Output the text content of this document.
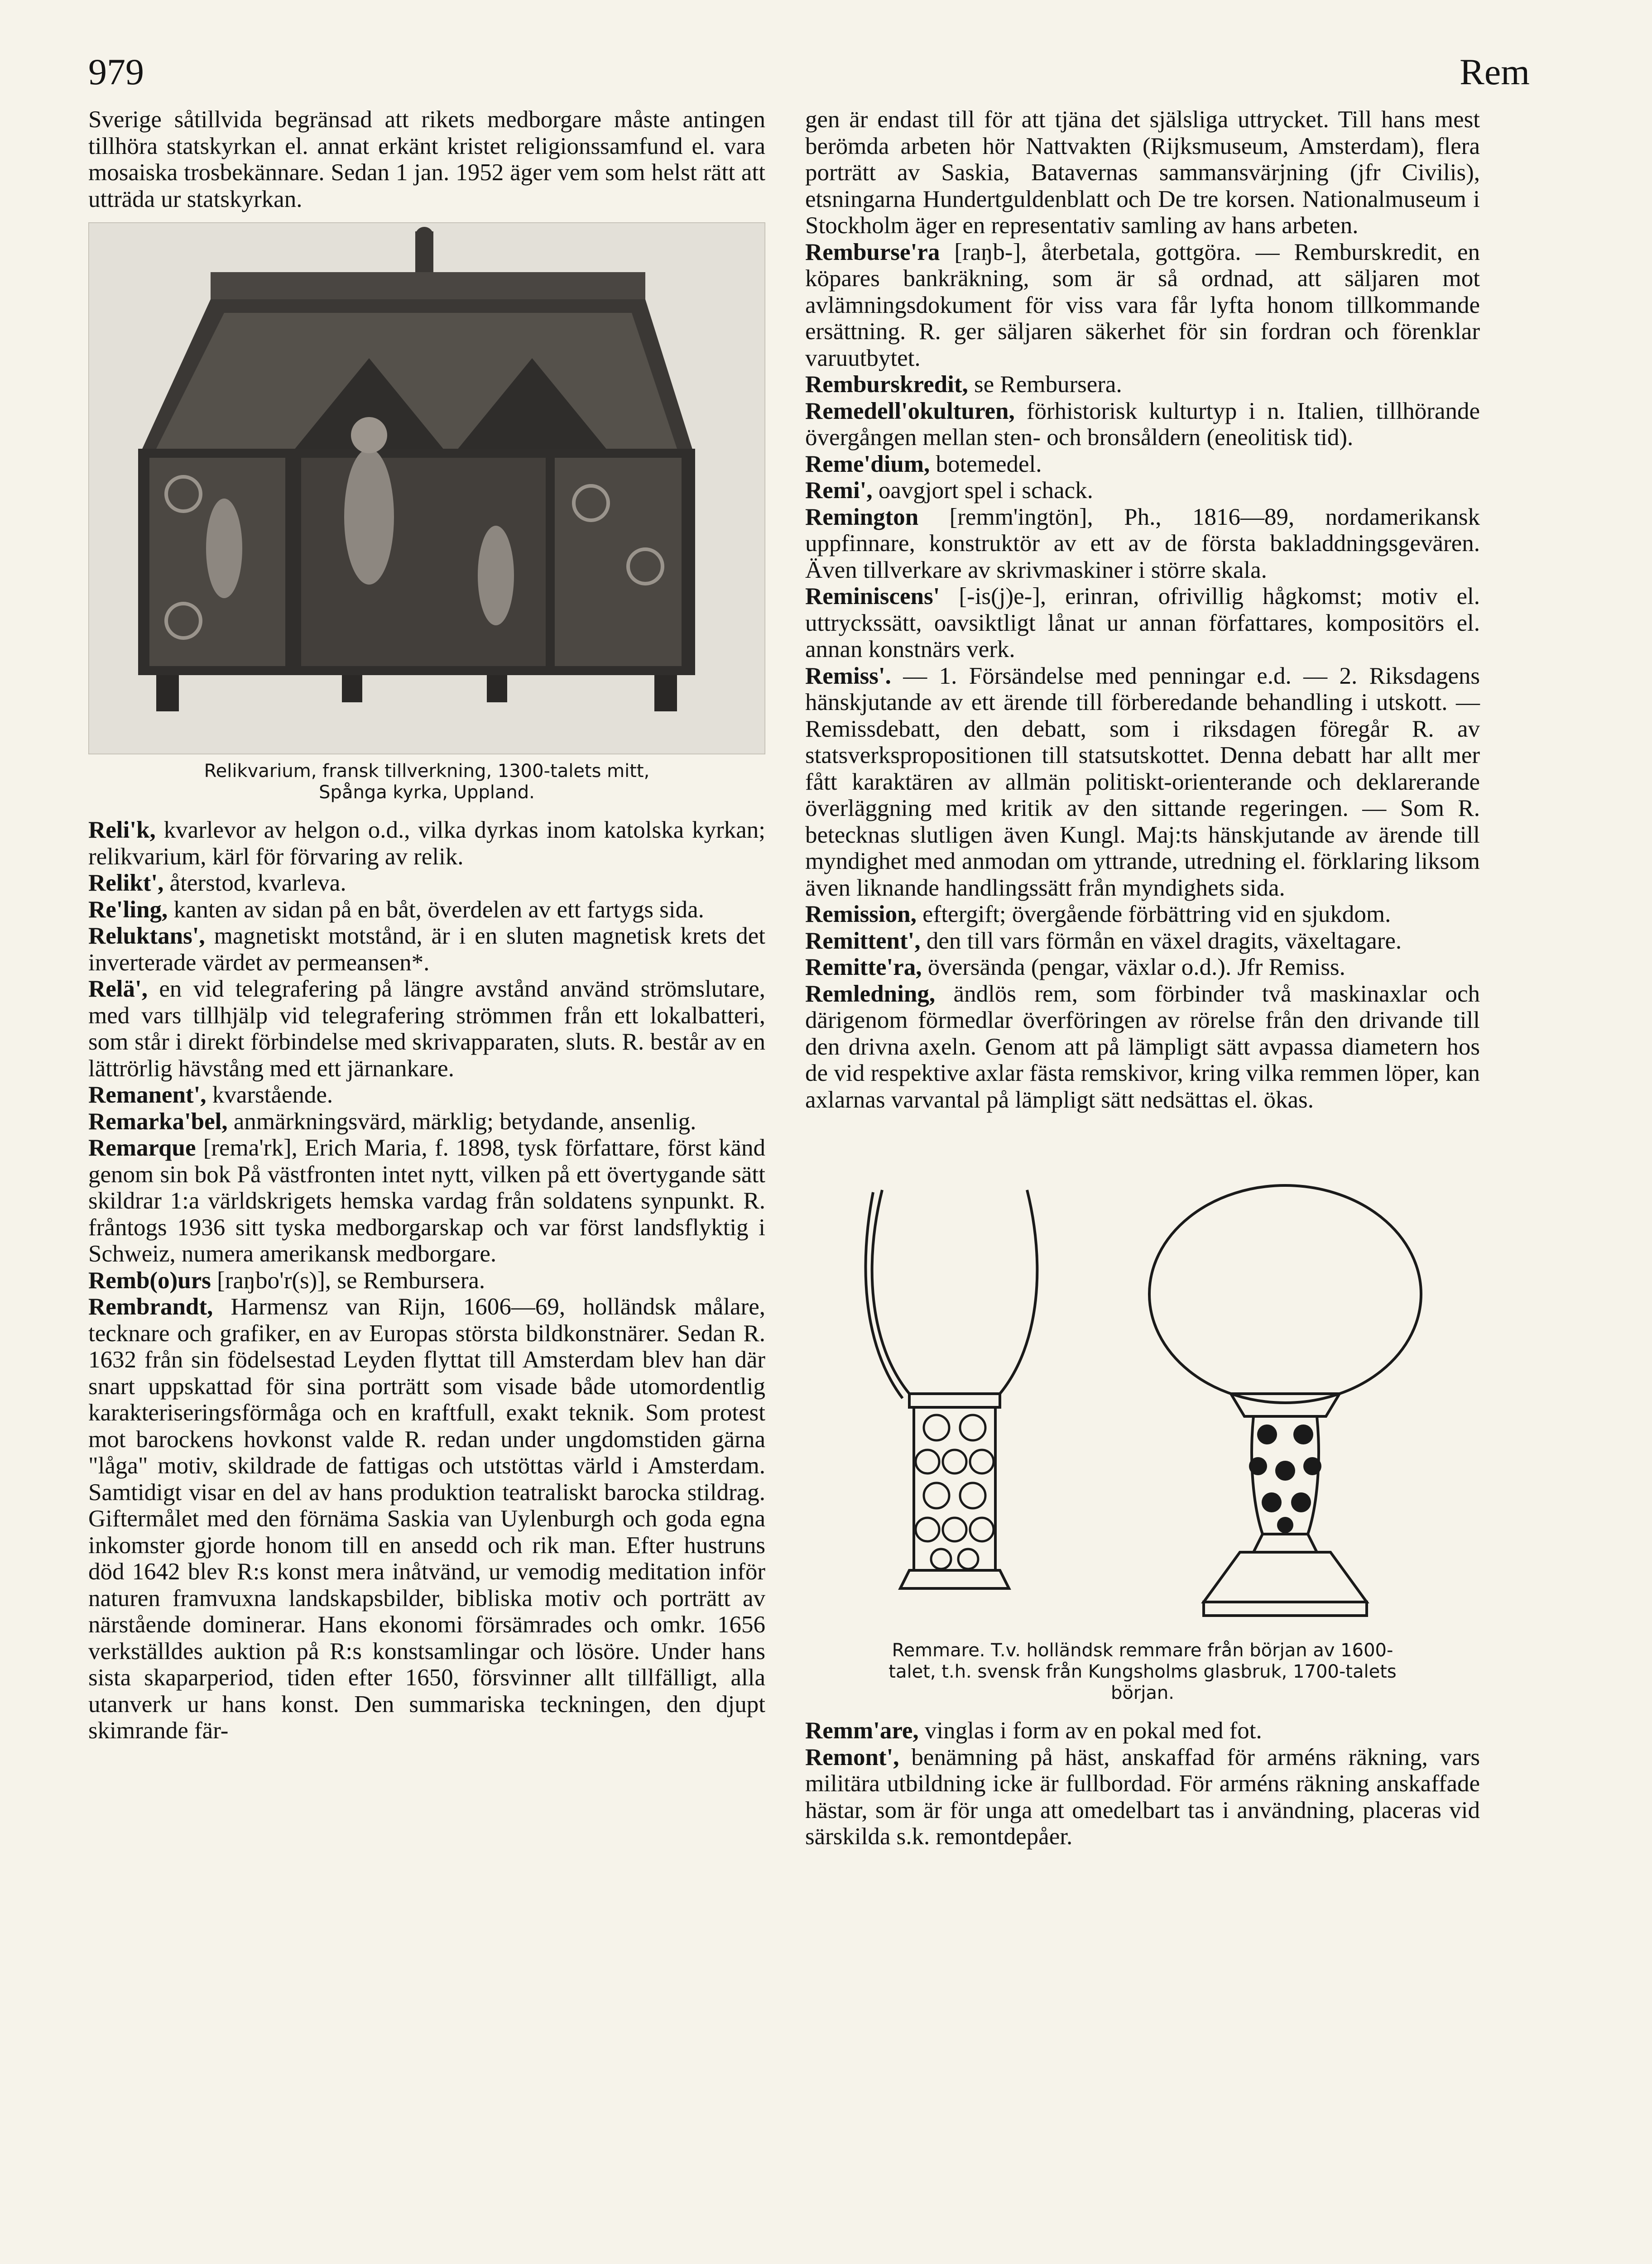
979	Rem

Sverige såtillvida begränsad att rikets medborgare måste antingen tillhöra statskyrkan el. annat erkänt kristet religionssamfund el. vara mosaiska trosbekännare. Sedan 1 jan. 1952 äger vem som helst rätt att utträda ur statskyrkan.

Relikvarium, fransk tillverkning, 1300-talets mitt,
Spånga kyrka, Uppland.

Reli'k, kvarlevor av helgon o.d., vilka dyrkas inom katolska kyrkan; relikvarium, kärl för förvaring av relik.

Relikt', återstod, kvarleva.

Re'ling, kanten av sidan på en båt, överdelen av ett fartygs sida.

Reluktans', magnetiskt motstånd, är i en sluten magnetisk krets det inverterade värdet av permeansen*.

Relä', en vid telegrafering på längre avstånd använd strömslutare, med vars tillhjälp vid telegrafering strömmen från ett lokalbatteri, som står i direkt förbindelse med skrivapparaten, sluts. R. består av en lättrörlig hävstång med ett järnankare.

Remanent', kvarstående.

Remarka'bel, anmärkningsvärd, märklig; betydande, ansenlig.

Remarque [rema'rk], Erich Maria, f. 1898, tysk författare, först känd genom sin bok På västfronten intet nytt, vilken på ett övertygande sätt skildrar 1:a världskrigets hemska vardag från soldatens synpunkt. R. fråntogs 1936 sitt tyska medborgarskap och var först landsflyktig i Schweiz, numera amerikansk medborgare.

Remb(o)urs [raŋbo'r(s)], se Rembursera.

Rembrandt, Harmensz van Rijn, 1606—69, holländsk målare, tecknare och grafiker, en av Europas största bildkonstnärer. Sedan R. 1632 från sin födelsestad Leyden flyttat till Amsterdam blev han där snart uppskattad för sina porträtt som visade både utomordentlig karakteriseringsförmåga och en kraftfull, exakt teknik. Som protest mot barockens hovkonst valde R. redan under ungdomstiden gärna "låga" motiv, skildrade de fattigas och utstöttas värld i Amsterdam. Samtidigt visar en del av hans produktion teatraliskt barocka stildrag. Giftermålet med den förnäma Saskia van Uylenburgh och goda egna inkomster gjorde honom till en ansedd och rik man. Efter hustruns död 1642 blev R:s konst mera inåtvänd, ur vemodig meditation inför naturen framvuxna landskapsbilder, bibliska motiv och porträtt av närstående dominerar. Hans ekonomi försämrades och omkr. 1656 verkställdes auktion på R:s konstsamlingar och lösöre. Under hans sista skaparperiod, tiden efter 1650, försvinner allt tillfälligt, alla utanverk ur hans konst. Den summariska teckningen, den djupt skimrande fär-

gen är endast till för att tjäna det själsliga uttrycket. Till hans mest berömda arbeten hör Nattvakten (Rijksmuseum, Amsterdam), flera porträtt av Saskia, Batavernas sammansvärjning (jfr Civilis), etsningarna Hundertguldenblatt och De tre korsen. Nationalmuseum i Stockholm äger en representativ samling av hans arbeten.

Remburse'ra [raŋb-], återbetala, gottgöra. — Remburskredit, en köpares bankräkning, som är så ordnad, att säljaren mot avlämningsdokument för viss vara får lyfta honom tillkommande ersättning. R. ger säljaren säkerhet för sin fordran och förenklar varuutbytet.

Remburskredit, se Rembursera.

Remedell'okulturen, förhistorisk kulturtyp i n. Italien, tillhörande övergången mellan sten- och bronsåldern (eneolitisk tid).

Reme'dium, botemedel.

Remi', oavgjort spel i schack.

Remington [remm'ingtön], Ph., 1816—89, nordamerikansk uppfinnare, konstruktör av ett av de första bakladdningsgevären. Även tillverkare av skrivmaskiner i större skala.

Reminiscens' [-is(j)e-], erinran, ofrivillig hågkomst; motiv el. uttryckssätt, oavsiktligt lånat ur annan författares, kompositörs el. annan konstnärs verk.

Remiss'. — 1. Försändelse med penningar e.d. — 2. Riksdagens hänskjutande av ett ärende till förberedande behandling i utskott. — Remissdebatt, den debatt, som i riksdagen föregår R. av statsverkspropositionen till statsutskottet. Denna debatt har allt mer fått karaktären av allmän politiskt-orienterande och deklarerande överläggning med kritik av den sittande regeringen. — Som R. betecknas slutligen även Kungl. Maj:ts hänskjutande av ärende till myndighet med anmodan om yttrande, utredning el. förklaring liksom även liknande handlingssätt från myndighets sida.

Remission, eftergift; övergående förbättring vid en sjukdom.

Remittent', den till vars förmån en växel dragits, växeltagare.

Remitte'ra, översända (pengar, växlar o.d.). Jfr Remiss.

Remledning, ändlös rem, som förbinder två maskinaxlar och därigenom förmedlar överföringen av rörelse från den drivande till den drivna axeln. Genom att på lämpligt sätt avpassa diametern hos de vid respektive axlar fästa remskivor, kring vilka remmen löper, kan axlarnas varvantal på lämpligt sätt nedsättas el. ökas.

Remmare. T.v. holländsk remmare från början av 1600-
talet, t.h. svensk från Kungsholms glasbruk, 1700-talets
början.

Remm'are, vinglas i form av en pokal med fot.

Remont', benämning på häst, anskaffad för arméns räkning, vars militära utbildning icke är fullbordad. För arméns räkning anskaffade hästar, som är för unga att omedelbart tas i användning, placeras vid särskilda s.k. remontdepåer.
